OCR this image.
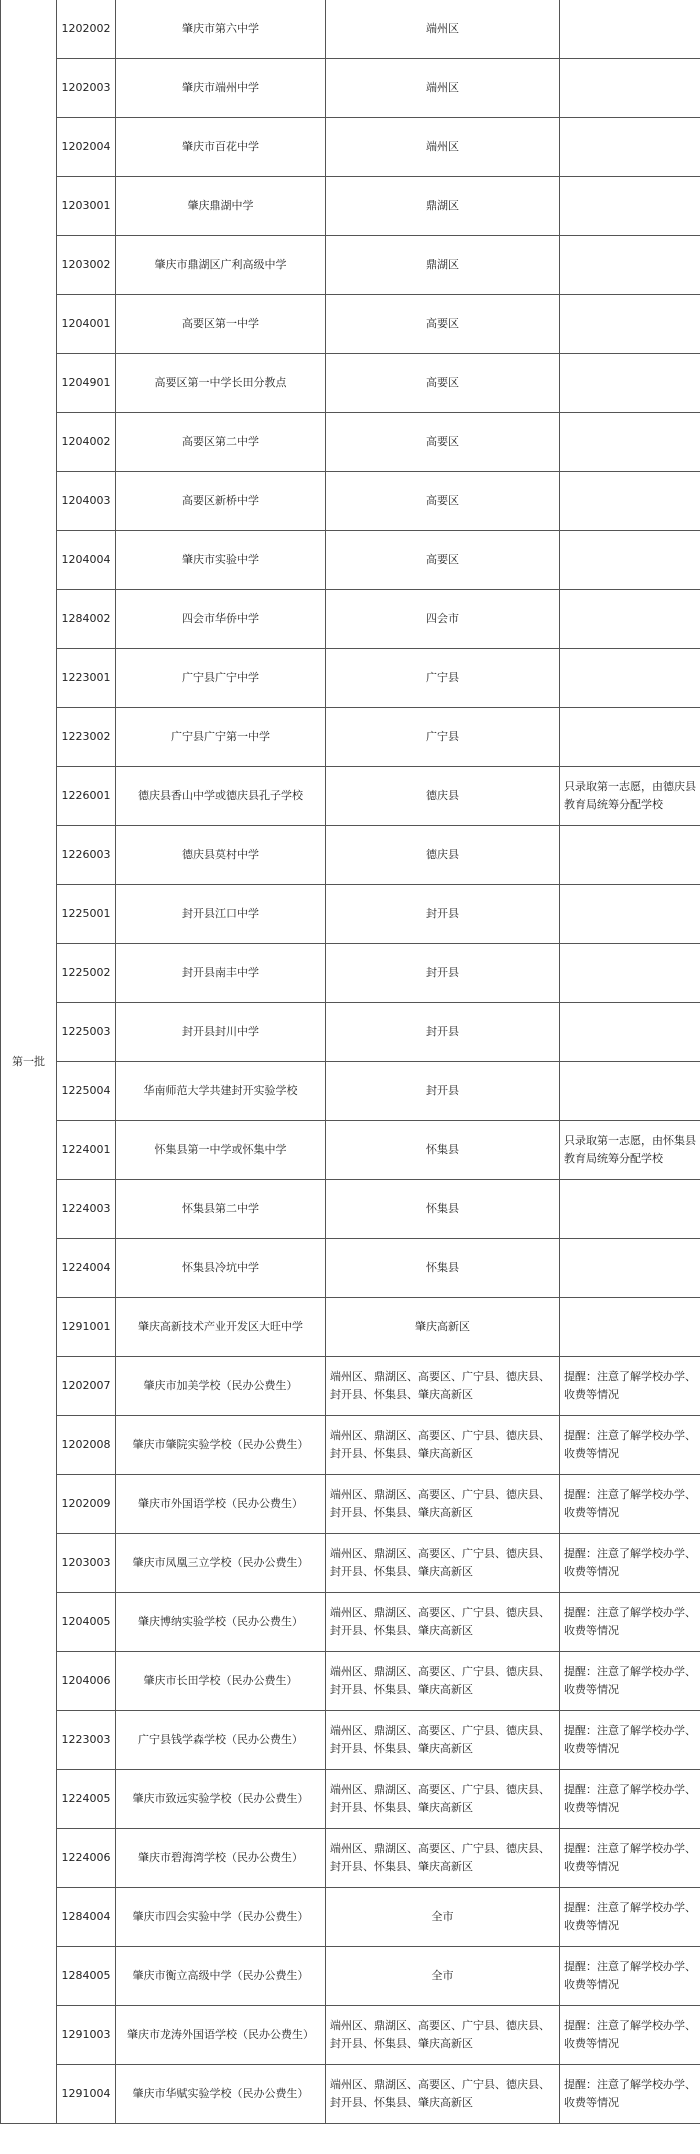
第一批	1202002	肇庆市第六中学	端州区	
	1202003	肇庆市端州中学	端州区	
	1202004	肇庆市百花中学	端州区	
	1203001	肇庆鼎湖中学	鼎湖区	
	1203002	肇庆市鼎湖区广利高级中学	鼎湖区	
	1204001	高要区第一中学	高要区	
	1204901	高要区第一中学长田分教点	高要区	
	1204002	高要区第二中学	高要区	
	1204003	高要区新桥中学	高要区	
	1204004	肇庆市实验中学	高要区	
	1284002	四会市华侨中学	四会市	
	1223001	广宁县广宁中学	广宁县	
	1223002	广宁县广宁第一中学	广宁县	
	1226001	德庆县香山中学或德庆县孔子学校	德庆县	只录取第一志愿，由德庆县教育局统筹分配学校
	1226003	德庆县莫村中学	德庆县	
	1225001	封开县江口中学	封开县	
	1225002	封开县南丰中学	封开县	
	1225003	封开县封川中学	封开县	
	1225004	华南师范大学共建封开实验学校	封开县	
	1224001	怀集县第一中学或怀集中学	怀集县	只录取第一志愿，由怀集县教育局统筹分配学校
	1224003	怀集县第二中学	怀集县	
	1224004	怀集县冷坑中学	怀集县	
	1291001	肇庆高新技术产业开发区大旺中学	肇庆高新区	
	1202007	肇庆市加美学校（民办公费生）	端州区、鼎湖区、高要区、广宁县、德庆县、封开县、怀集县、肇庆高新区	提醒：注意了解学校办学、收费等情况
	1202008	肇庆市肇院实验学校（民办公费生）	端州区、鼎湖区、高要区、广宁县、德庆县、封开县、怀集县、肇庆高新区	提醒：注意了解学校办学、收费等情况
	1202009	肇庆市外国语学校（民办公费生）	端州区、鼎湖区、高要区、广宁县、德庆县、封开县、怀集县、肇庆高新区	提醒：注意了解学校办学、收费等情况
	1203003	肇庆市凤凰三立学校（民办公费生）	端州区、鼎湖区、高要区、广宁县、德庆县、封开县、怀集县、肇庆高新区	提醒：注意了解学校办学、收费等情况
	1204005	肇庆博纳实验学校（民办公费生）	端州区、鼎湖区、高要区、广宁县、德庆县、封开县、怀集县、肇庆高新区	提醒：注意了解学校办学、收费等情况
	1204006	肇庆市长田学校（民办公费生）	端州区、鼎湖区、高要区、广宁县、德庆县、封开县、怀集县、肇庆高新区	提醒：注意了解学校办学、收费等情况
	1223003	广宁县钱学森学校（民办公费生）	端州区、鼎湖区、高要区、广宁县、德庆县、封开县、怀集县、肇庆高新区	提醒：注意了解学校办学、收费等情况
	1224005	肇庆市致远实验学校（民办公费生）	端州区、鼎湖区、高要区、广宁县、德庆县、封开县、怀集县、肇庆高新区	提醒：注意了解学校办学、收费等情况
	1224006	肇庆市碧海湾学校（民办公费生）	端州区、鼎湖区、高要区、广宁县、德庆县、封开县、怀集县、肇庆高新区	提醒：注意了解学校办学、收费等情况
	1284004	肇庆市四会实验中学（民办公费生）	全市	提醒：注意了解学校办学、收费等情况
	1284005	肇庆市衡立高级中学（民办公费生）	全市	提醒：注意了解学校办学、收费等情况
	1291003	肇庆市龙涛外国语学校（民办公费生）	端州区、鼎湖区、高要区、广宁县、德庆县、封开县、怀集县、肇庆高新区	提醒：注意了解学校办学、收费等情况
	1291004	肇庆市华赋实验学校（民办公费生）	端州区、鼎湖区、高要区、广宁县、德庆县、封开县、怀集县、肇庆高新区	提醒：注意了解学校办学、收费等情况
